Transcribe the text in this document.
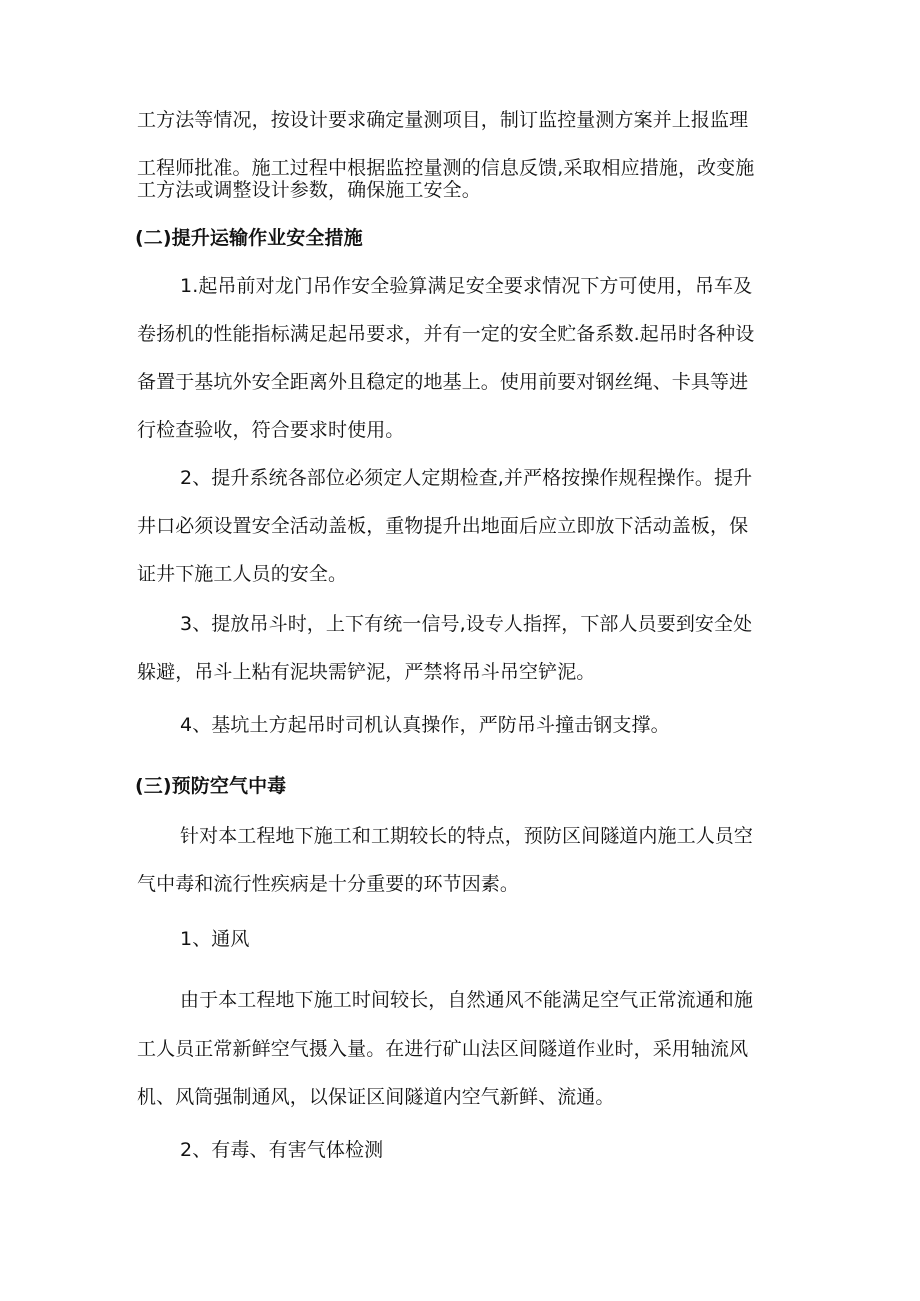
工方法等情况，按设计要求确定量测项目，制订监控量测方案并上报监理
工程师批准。施工过程中根据监控量测的信息反馈,采取相应措施，改变施
工方法或调整设计参数，确保施工安全。
(二)提升运输作业安全措施
1.起吊前对龙门吊作安全验算满足安全要求情况下方可使用，吊车及
卷扬机的性能指标满足起吊要求，并有一定的安全贮备系数.起吊时各种设
备置于基坑外安全距离外且稳定的地基上。使用前要对钢丝绳、卡具等进
行检查验收，符合要求时使用。
2、提升系统各部位必须定人定期检查,并严格按操作规程操作。提升
井口必须设置安全活动盖板，重物提升出地面后应立即放下活动盖板，保
证井下施工人员的安全。
3、提放吊斗时，上下有统一信号,设专人指挥，下部人员要到安全处
躲避，吊斗上粘有泥块需铲泥，严禁将吊斗吊空铲泥。
4、基坑土方起吊时司机认真操作，严防吊斗撞击钢支撑。
(三)预防空气中毒
针对本工程地下施工和工期较长的特点，预防区间隧道内施工人员空
气中毒和流行性疾病是十分重要的环节因素。
1、通风
由于本工程地下施工时间较长，自然通风不能满足空气正常流通和施
工人员正常新鲜空气摄入量。在进行矿山法区间隧道作业时，采用轴流风
机、风筒强制通风，以保证区间隧道内空气新鲜、流通。
2、有毒、有害气体检测
